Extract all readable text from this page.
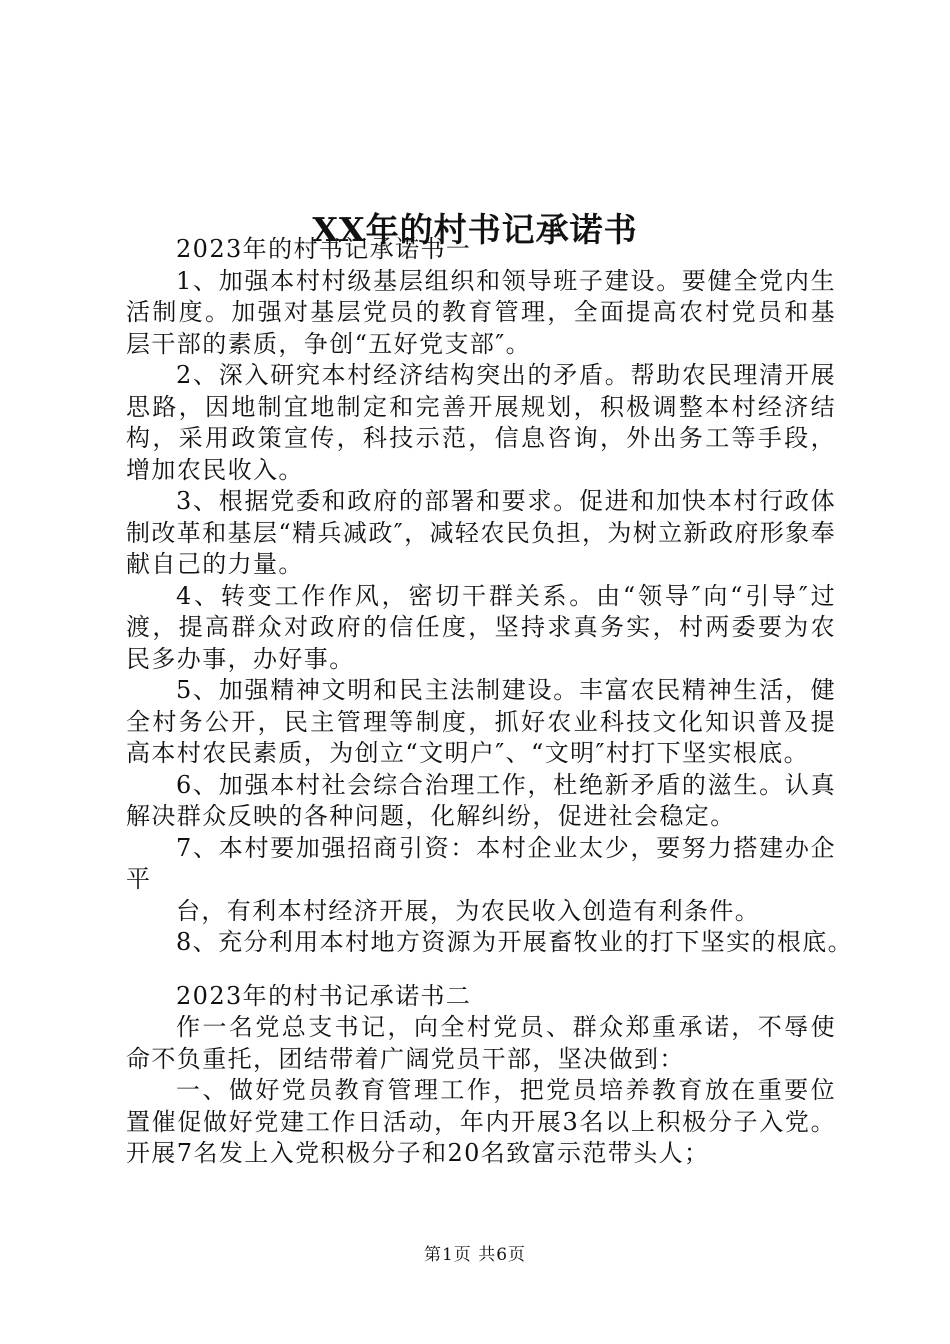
XX年的村书记承诺书

2023年的村书记承诺书一

1、加强本村村级基层组织和领导班子建设。要健全党内生活制度。加强对基层党员的教育管理，全面提高农村党员和基层干部的素质，争创“五好党支部″。

2、深入研究本村经济结构突出的矛盾。帮助农民理清开展思路，因地制宜地制定和完善开展规划，积极调整本村经济结构，采用政策宣传，科技示范，信息咨询，外出务工等手段，增加农民收入。

3、根据党委和政府的部署和要求。促进和加快本村行政体制改革和基层“精兵减政″，减轻农民负担，为树立新政府形象奉献自己的力量。

4、转变工作作风，密切干群关系。由“领导″向“引导″过渡，提高群众对政府的信任度，坚持求真务实，村两委要为农民多办事，办好事。

5、加强精神文明和民主法制建设。丰富农民精神生活，健全村务公开，民主管理等制度，抓好农业科技文化知识普及提高本村农民素质，为创立“文明户″、“文明″村打下坚实根底。

6、加强本村社会综合治理工作，杜绝新矛盾的滋生。认真解决群众反映的各种问题，化解纠纷，促进社会稳定。

7、本村要加强招商引资：本村企业太少，要努力搭建办企平

台，有利本村经济开展，为农民收入创造有利条件。

8、充分利用本村地方资源为开展畜牧业的打下坚实的根底。

2023年的村书记承诺书二

作一名党总支书记，向全村党员、群众郑重承诺，不辱使命不负重托，团结带着广阔党员干部，坚决做到：

一、做好党员教育管理工作，把党员培养教育放在重要位置催促做好党建工作日活动，年内开展3名以上积极分子入党。开展7名发上入党积极分子和20名致富示范带头人；

第1页 共6页
